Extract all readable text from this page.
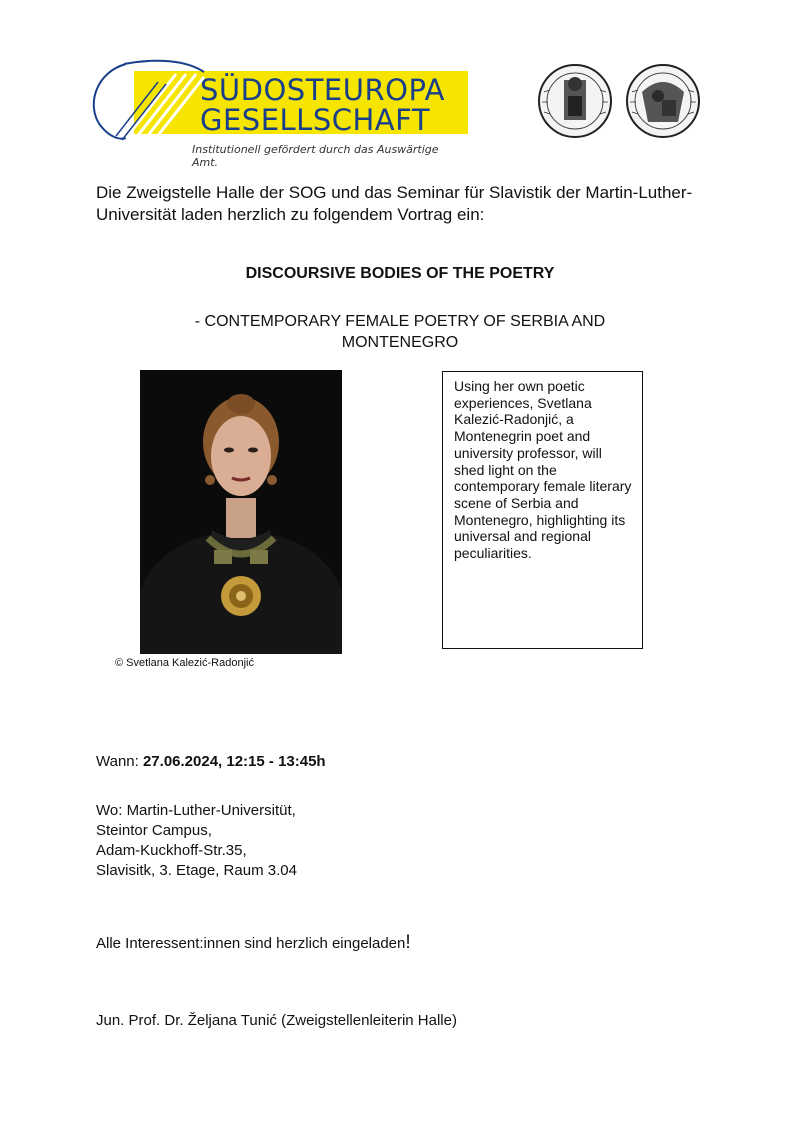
SÜDOSTEUROPA
GESELLSCHAFT
Institutionell gefördert durch das Auswärtige Amt.
Die Zweigstelle Halle der SOG und das Seminar für Slavistik der Martin-Luther-Universität laden herzlich zu folgendem Vortrag ein:
DISCOURSIVE BODIES OF THE POETRY
- CONTEMPORARY FEMALE POETRY OF SERBIA AND MONTENEGRO
© Svetlana Kalezić-Radonjić
Using her own poetic experiences, Svetlana Kalezić-Radonjić, a Montenegrin poet and university professor, will shed light on the contemporary female literary scene of Serbia and Montenegro, highlighting its universal and regional peculiarities.
Wann: 27.06.2024, 12:15 - 13:45h
Wo: Martin-Luther-Universitüt,
Steintor Campus,
Adam-Kuckhoff-Str.35,
Slavisitk, 3. Etage, Raum 3.04
Alle Interessent:innen sind herzlich eingeladen!
Jun. Prof. Dr. Željana Tunić (Zweigstellenleiterin Halle)
